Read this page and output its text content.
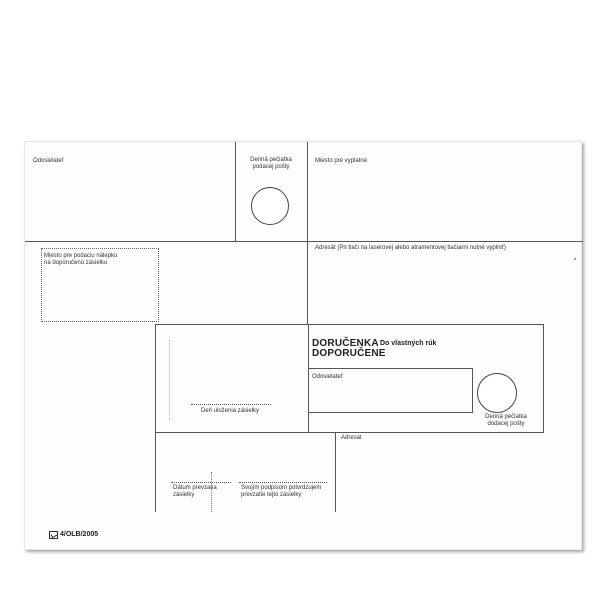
Odosielateľ	Denná pečiatka
podacej pošty
Miesto pre vyplatné
Miesto pre podaciu nálepku
na doporučenú zásielku
Adresát (Pri tlači na laserovej alebo atramentovej tlačiarni nutné vyplniť)
Deň uloženia zásielky
DORUČENKA
DOPORUČENE
Do vlastných rúk
Odosielateľ
Denná pečiatka
dodacej pošty
Adresát
Dátum prevzatia
zásielky
Svojím podpisom potvrdzujem
prevzatie tejto zásielky
4/OLB/2005
